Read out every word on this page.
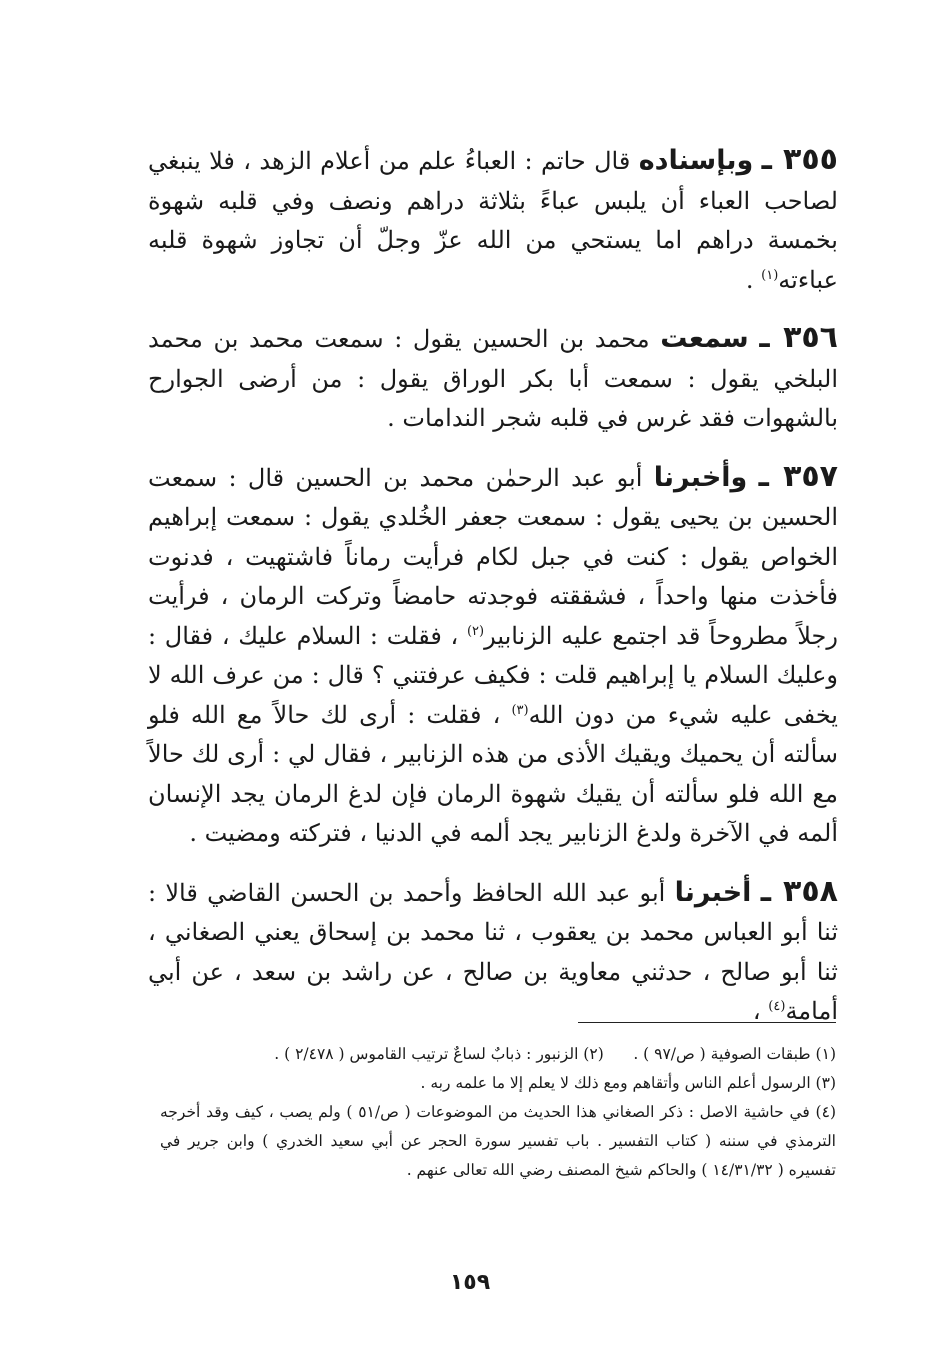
٣٥٥ ـ وبإسناده قال حاتم : العباءُ علم من أعلام الزهد ، فلا ينبغي لصاحب العباء أن يلبس عباءً بثلاثة دراهم ونصف وفي قلبه شهوة بخمسة دراهم اما يستحي من الله عزّ وجلّ أن تجاوز شهوة قلبه عباءته$^{(١)}$ .

٣٥٦ ـ سمعت محمد بن الحسين يقول : سمعت محمد بن محمد البلخي يقول : سمعت أبا بكر الوراق يقول : من أرضى الجوارح بالشهوات فقد غرس في قلبه شجر الندامات .

٣٥٧ ـ وأخبرنا أبو عبد الرحمٰن محمد بن الحسين قال : سمعت الحسين بن يحيى يقول : سمعت جعفر الخُلدي يقول : سمعت إبراهيم الخواص يقول : كنت في جبل لكام فرأيت رماناً فاشتهيت ، فدنوت فأخذت منها واحداً ، فشققته فوجدته حامضاً وتركت الرمان ، فرأيت رجلاً مطروحاً قد اجتمع عليه الزنابير$^{(٢)}$ ، فقلت : السلام عليك ، فقال : وعليك السلام يا إبراهيم قلت : فكيف عرفتني ؟ قال : من عرف الله لا يخفى عليه شيء من دون الله$^{(٣)}$ ، فقلت : أرى لك حالاً مع الله فلو سألته أن يحميك ويقيك الأذى من هذه الزنابير ، فقال لي : أرى لك حالاً مع الله فلو سألته أن يقيك شهوة الرمان فإن لدغ الرمان يجد الإنسان ألمه في الآخرة ولدغ الزنابير يجد ألمه في الدنيا ، فتركته ومضيت .

٣٥٨ ـ أخبرنا أبو عبد الله الحافظ وأحمد بن الحسن القاضي قالا : ثنا أبو العباس محمد بن يعقوب ، ثنا محمد بن إسحاق يعني الصغاني ، ثنا أبو صالح ، حدثني معاوية بن صالح ، عن راشد بن سعد ، عن أبي أمامة$^{(٤)}$ ،

(١) طبقات الصوفية ( ص/٩٧ ) .      (٢) الزنبور : ذبابٌ لساعٌ ترتيب القاموس ( ٢/٤٧٨ ) .

(٣) الرسول أعلم الناس وأتقاهم ومع ذلك لا يعلم إلا ما علمه ربه .

(٤) في حاشية الاصل : ذكر الصغاني هذا الحديث من الموضوعات ( ص/٥١ ) ولم يصب ، كيف وقد أخرجه الترمذي في سننه ( كتاب التفسير . باب تفسير سورة الحجر عن أبي سعيد الخدري ) وابن جرير في تفسيره ( ١٤/٣١/٣٢ ) والحاكم شيخ المصنف رضي الله تعالى عنهم .

١٥٩
